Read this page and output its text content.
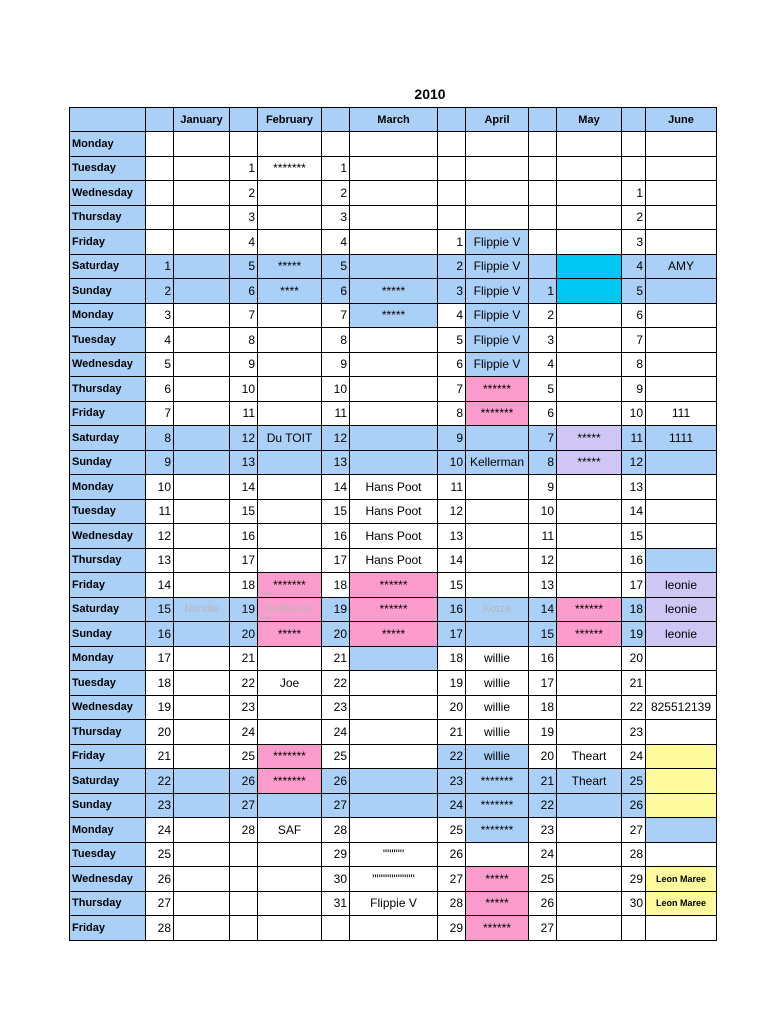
2010
		January		February		March		April		May		June
Monday												
Tuesday			1	*******	1							
Wednesday			2		2						1	
Thursday			3		3						2	
Friday			4		4		1	Flippie V			3	
Saturday	1		5	*****	5		2	Flippie V			4	AMY
Sunday	2		6	****	6	*****	3	Flippie V	1		5	
Monday	3		7		7	*****	4	Flippie V	2		6	
Tuesday	4		8		8		5	Flippie V	3		7	
Wednesday	5		9		9		6	Flippie V	4		8	
Thursday	6		10		10		7	******	5		9	
Friday	7		11		11		8	*******	6		10	111
Saturday	8		12	Du TOIT	12		9		7	*****	11	1111
Sunday	9		13		13		10	Kellerman	8	*****	12	
Monday	10		14		14	Hans Poot	11		9		13	
Tuesday	11		15		15	Hans Poot	12		10		14	
Wednesday	12		16		16	Hans Poot	13		11		15	
Thursday	13		17		17	Hans Poot	14		12		16	
Friday	14		18	*******	18	******	15		13		17	leonie
Saturday	15	Nandie	19	Eekhoorn	19	******	16	Kotze	14	******	18	leonie
Sunday	16		20	*****	20	*****	17		15	******	19	leonie
Monday	17		21		21		18	willie	16		20	
Tuesday	18		22	Joe	22		19	willie	17		21	
Wednesday	19		23		23		20	willie	18		22	825512139
Thursday	20		24		24		21	willie	19		23	
Friday	21		25	*******	25		22	willie	20	Theart	24	
Saturday	22		26	*******	26		23	*******	21	Theart	25	
Sunday	23		27		27		24	*******	22		26	
Monday	24		28	SAF	28		25	*******	23		27	
Tuesday	25				29	"""""	26		24		28	
Wednesday	26				30	""""""""""	27	*****	25		29	Leon Maree
Thursday	27				31	Flippie V	28	*****	26		30	Leon Maree
Friday	28						29	******	27			
